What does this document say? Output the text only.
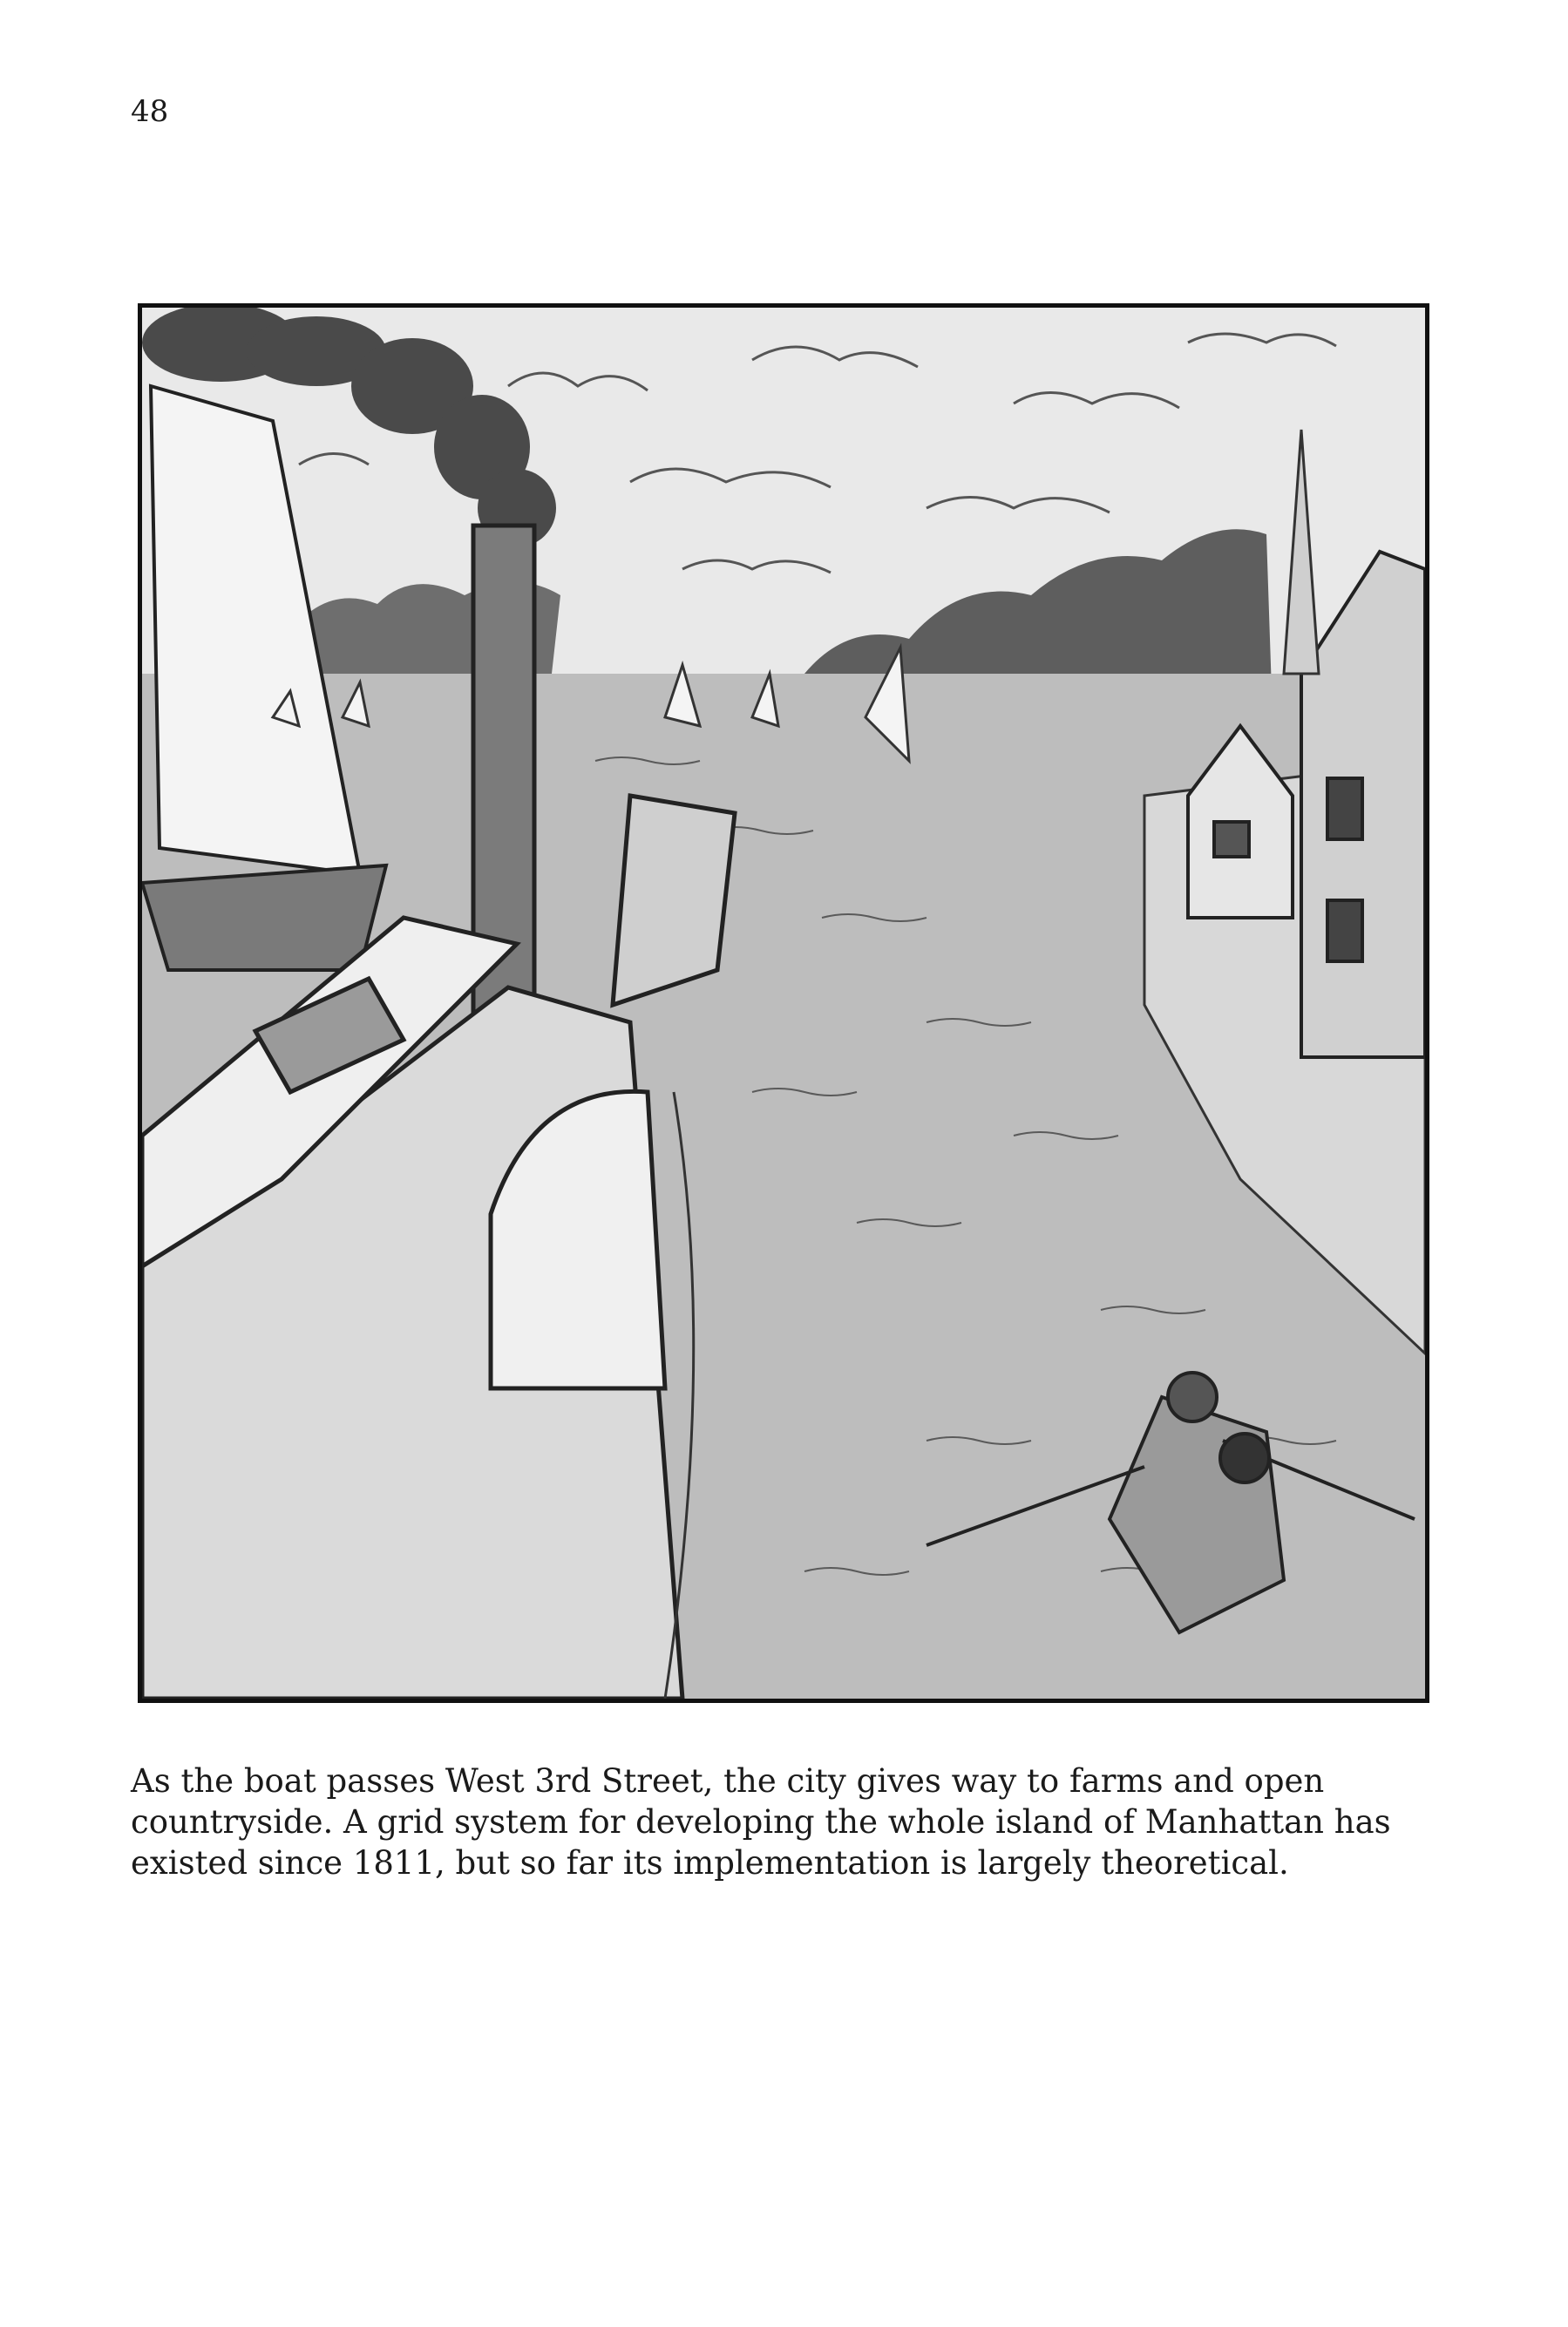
48

As the boat passes West 3rd Street, the city gives way to farms and open countryside. A grid system for developing the whole island of Manhattan has existed since 1811, but so far its implementation is largely theoretical.
